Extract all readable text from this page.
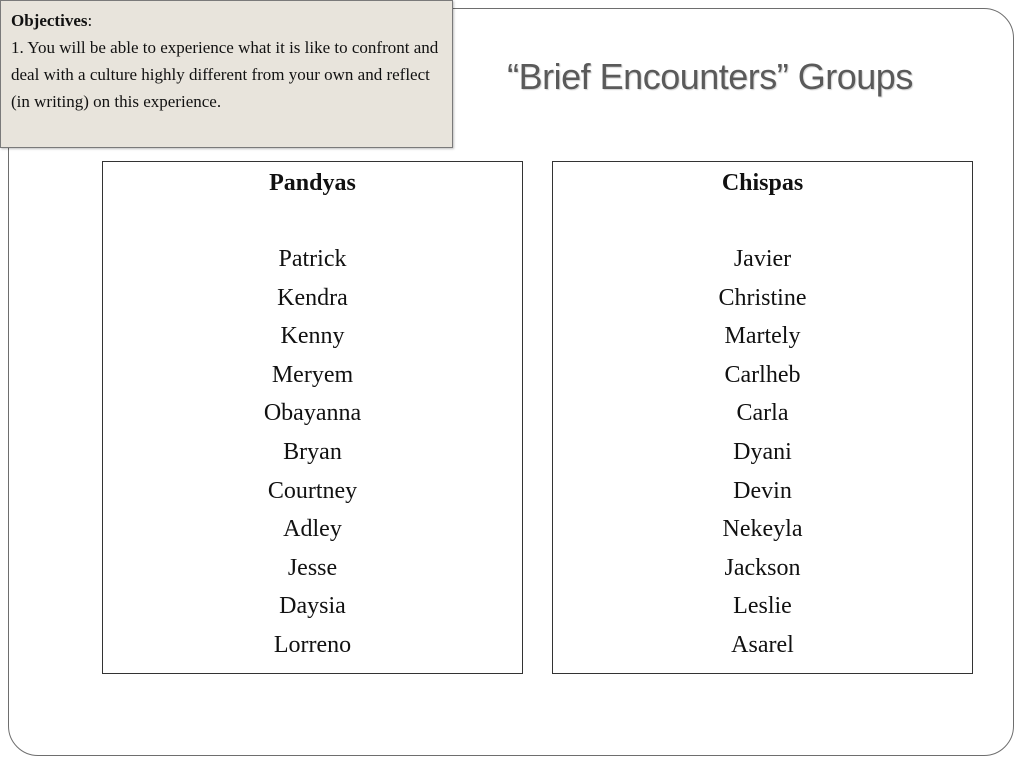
“Brief Encounters” Groups
Objectives:
1. You will be able to experience what it is like to confront and deal with a culture highly different from your own and reflect (in writing) on this experience.
Pandyas
Patrick
Kendra
Kenny
Meryem
Obayanna
Bryan
Courtney
Adley
Jesse
Daysia
Lorreno
Chispas
Javier
Christine
Martely
Carlheb
Carla
Dyani
Devin
Nekeyla
Jackson
Leslie
Asarel
